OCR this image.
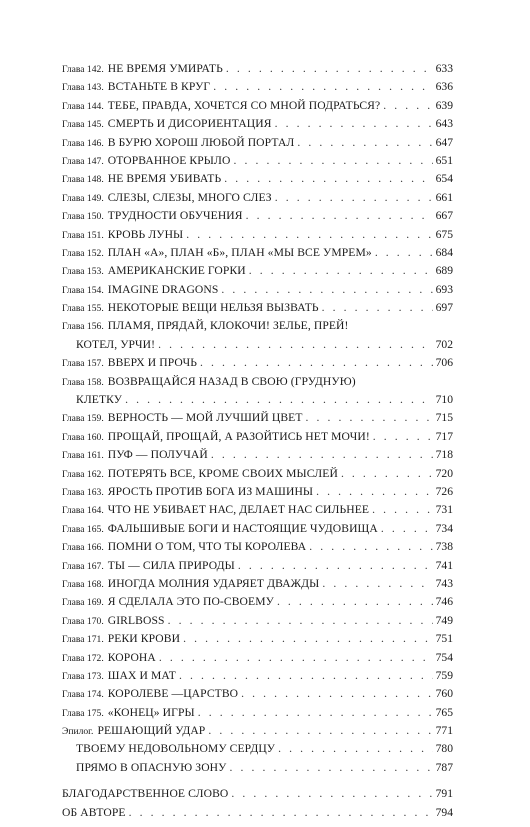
Глава 142. НЕ ВРЕМЯ УМИРАТЬ . . .	633
Глава 143. ВСТАНЬТЕ В КРУГ . . .	636
Глава 144. ТЕБЕ, ПРАВДА, ХОЧЕТСЯ СО МНОЙ ПОДРАТЬСЯ? . . .	639
Глава 145. СМЕРТЬ И ДИСОРИЕНТАЦИЯ . . .	643
Глава 146. В БУРЮ ХОРОШ ЛЮБОЙ ПОРТАЛ . . .	647
Глава 147. ОТОРВАННОЕ КРЫЛО . . .	651
Глава 148. НЕ ВРЕМЯ УБИВАТЬ . . .	654
Глава 149. СЛЕЗЫ, СЛЕЗЫ, МНОГО СЛЕЗ . . .	661
Глава 150. ТРУДНОСТИ ОБУЧЕНИЯ . . .	667
Глава 151. КРОВЬ ЛУНЫ . . .	675
Глава 152. ПЛАН «А», ПЛАН «Б», ПЛАН «МЫ ВСЕ УМРЕМ» . . .	684
Глава 153. АМЕРИКАНСКИЕ ГОРКИ . . .	689
Глава 154. IMAGINE DRAGONS . . .	693
Глава 155. НЕКОТОРЫЕ ВЕЩИ НЕЛЬЗЯ ВЫЗВАТЬ . . .	697
Глава 156. ПЛАМЯ, ПРЯДАЙ, КЛОКОЧИ! ЗЕЛЬЕ, ПРЕЙ!
КОТЕЛ, УРЧИ! . . .	702
Глава 157. ВВЕРХ И ПРОЧЬ . . .	706
Глава 158. ВОЗВРАЩАЙСЯ НАЗАД В СВОЮ (ГРУДНУЮ)
КЛЕТКУ . . .	710
Глава 159. ВЕРНОСТЬ — МОЙ ЛУЧШИЙ ЦВЕТ . . .	715
Глава 160. ПРОЩАЙ, ПРОЩАЙ, А РАЗОЙТИСЬ НЕТ МОЧИ! . . .	717
Глава 161. ПУФ — ПОЛУЧАЙ . . .	718
Глава 162. ПОТЕРЯТЬ ВСЕ, КРОМЕ СВОИХ МЫСЛЕЙ . . .	720
Глава 163. ЯРОСТЬ ПРОТИВ БОГА ИЗ МАШИНЫ . . .	726
Глава 164. ЧТО НЕ УБИВАЕТ НАС, ДЕЛАЕТ НАС СИЛЬНЕЕ . . .	731
Глава 165. ФАЛЬШИВЫЕ БОГИ И НАСТОЯЩИЕ ЧУДОВИЩА . . .	734
Глава 166. ПОМНИ О ТОМ, ЧТО ТЫ КОРОЛЕВА . . .	738
Глава 167. ТЫ — СИЛА ПРИРОДЫ . . .	741
Глава 168. ИНОГДА МОЛНИЯ УДАРЯЕТ ДВАЖДЫ . . .	743
Глава 169. Я СДЕЛАЛА ЭТО ПО-СВОЕМУ . . .	746
Глава 170. GIRLBOSS . . .	749
Глава 171. РЕКИ КРОВИ . . .	751
Глава 172. КОРОНА . . .	754
Глава 173. ШАХ И МАТ . . .	759
Глава 174. КОРОЛЕВЕ —ЦАРСТВО . . .	760
Глава 175. «КОНЕЦ» ИГРЫ . . .	765
Эпилог. РЕШАЮЩИЙ УДАР . . .	771
ТВОЕМУ НЕДОВОЛЬНОМУ СЕРДЦУ . . .	780
ПРЯМО В ОПАСНУЮ ЗОНУ . . .	787
БЛАГОДАРСТВЕННОЕ СЛОВО . . .	791
ОБ АВТОРЕ . . .	794
